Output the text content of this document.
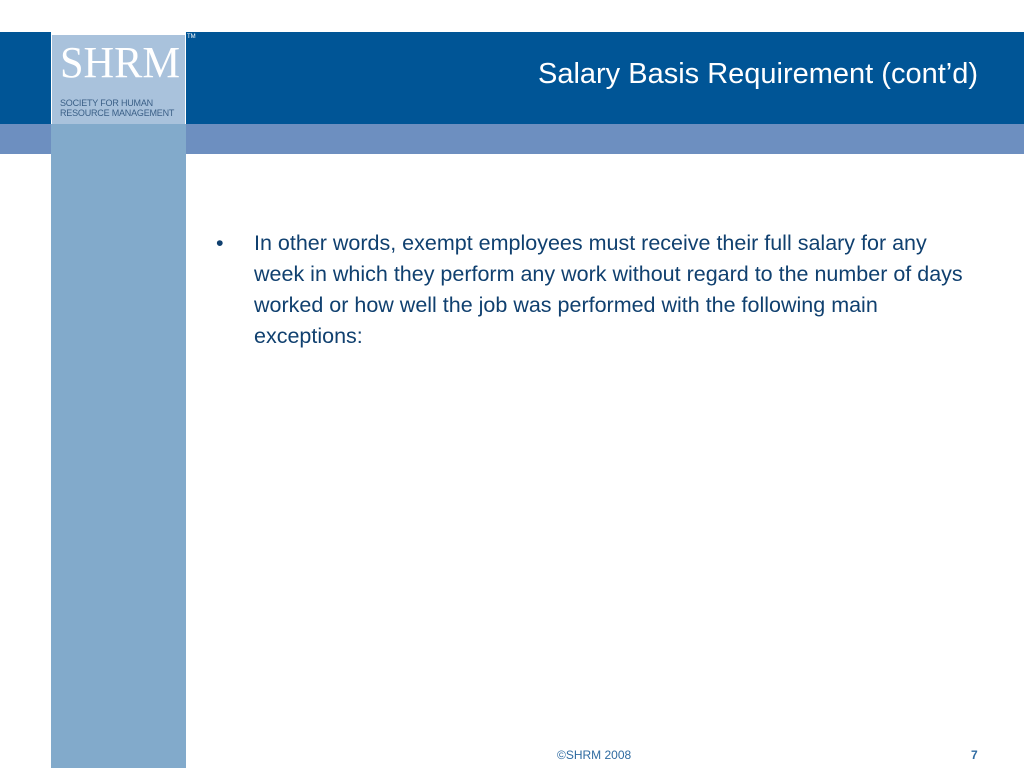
TM
SHRM
SOCIETY FOR HUMAN
RESOURCE MANAGEMENT
Salary Basis Requirement (cont’d)
• In other words, exempt employees must receive their full salary for any week in which they perform any work without regard to the number of days worked or how well the job was performed with the following main exceptions:
©SHRM 2008	7
